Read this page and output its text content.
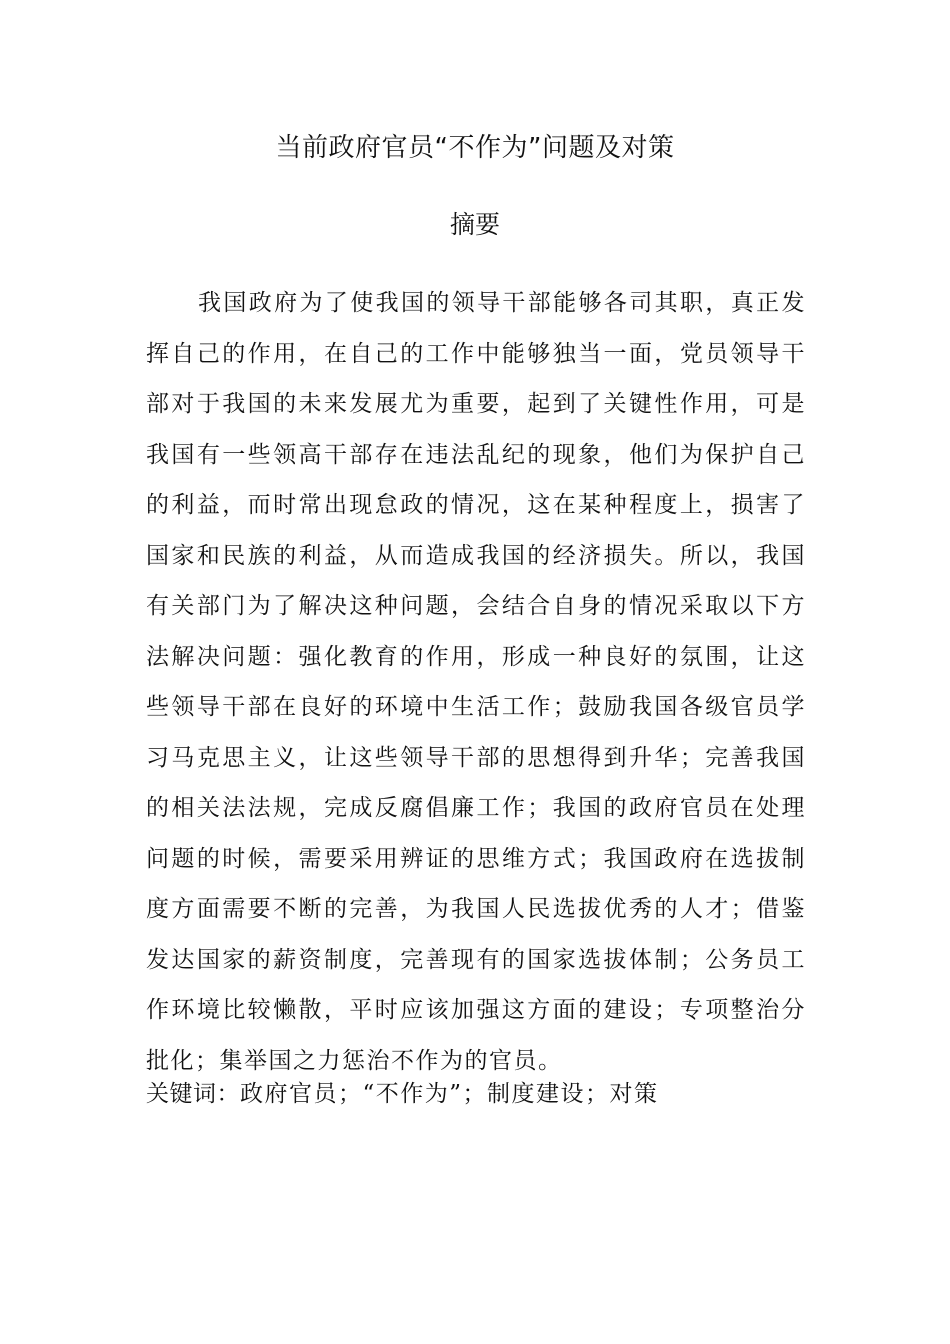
当前政府官员“不作为”问题及对策
摘要

我国政府为了使我国的领导干部能够各司其职，真正发挥自己的作用，在自己的工作中能够独当一面，党员领导干部对于我国的未来发展尤为重要，起到了关键性作用，可是我国有一些领高干部存在违法乱纪的现象，他们为保护自己的利益，而时常出现怠政的情况，这在某种程度上，损害了国家和民族的利益，从而造成我国的经济损失。所以，我国有关部门为了解决这种问题，会结合自身的情况采取以下方法解决问题：强化教育的作用，形成一种良好的氛围，让这些领导干部在良好的环境中生活工作；鼓励我国各级官员学习马克思主义，让这些领导干部的思想得到升华；完善我国的相关法法规，完成反腐倡廉工作；我国的政府官员在处理问题的时候，需要采用辨证的思维方式；我国政府在选拔制度方面需要不断的完善，为我国人民选拔优秀的人才；借鉴发达国家的薪资制度，完善现有的国家选拔体制；公务员工作环境比较懒散，平时应该加强这方面的建设；专项整治分批化；集举国之力惩治不作为的官员。

关键词：政府官员；“不作为”；制度建设；对策
